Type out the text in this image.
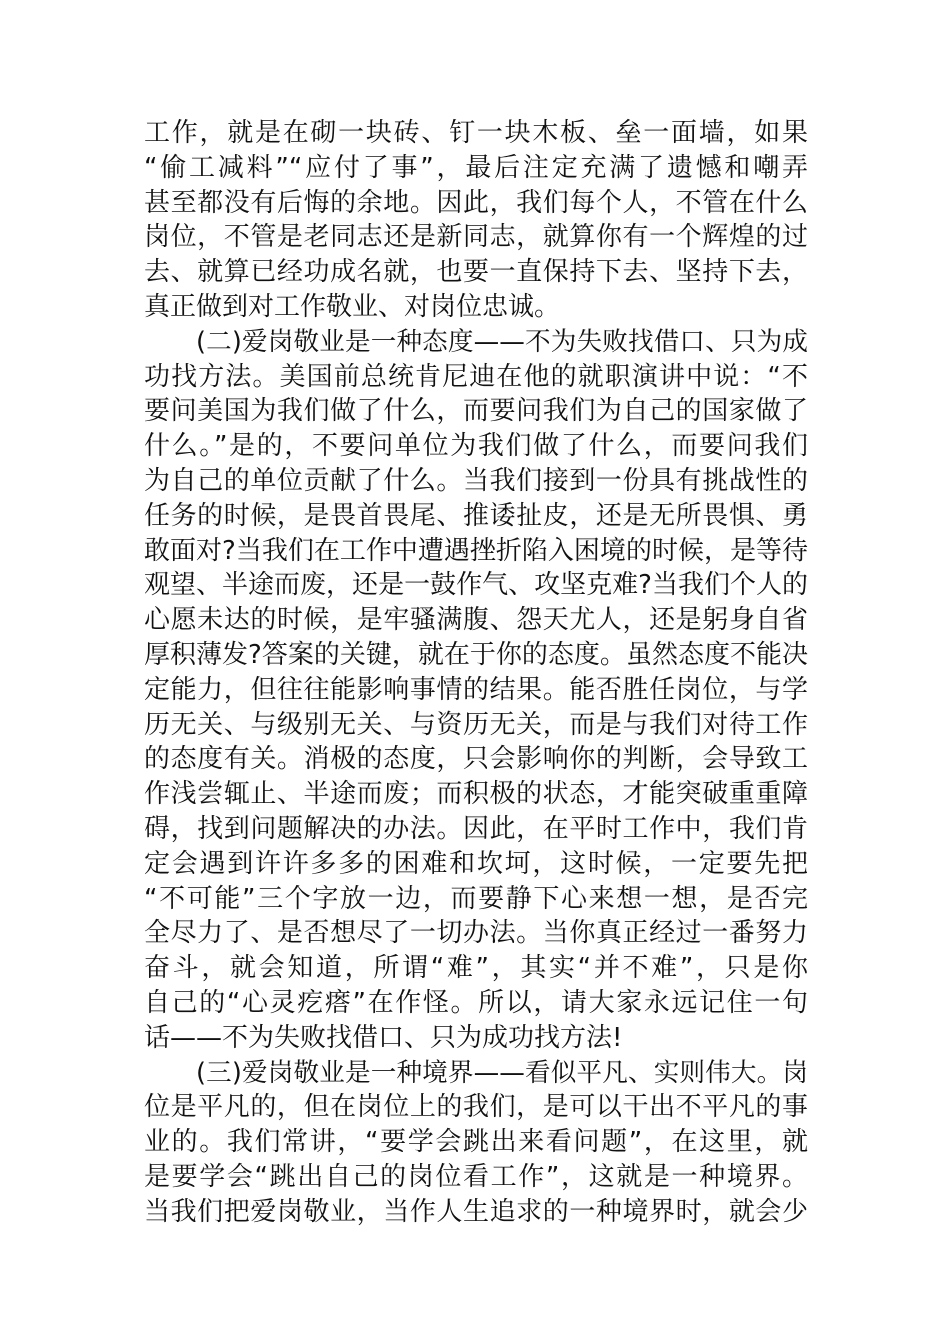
工作，就是在砌一块砖、钉一块木板、垒一面墙，如果
“偷工减料”“应付了事”，最后注定充满了遗憾和嘲弄
甚至都没有后悔的余地。因此，我们每个人，不管在什么
岗位，不管是老同志还是新同志，就算你有一个辉煌的过
去、就算已经功成名就，也要一直保持下去、坚持下去，
真正做到对工作敬业、对岗位忠诚。
(二)爱岗敬业是一种态度——不为失败找借口、只为成
功找方法。美国前总统肯尼迪在他的就职演讲中说：“不
要问美国为我们做了什么，而要问我们为自己的国家做了
什么。”是的，不要问单位为我们做了什么，而要问我们
为自己的单位贡献了什么。当我们接到一份具有挑战性的
任务的时候，是畏首畏尾、推诿扯皮，还是无所畏惧、勇
敢面对?当我们在工作中遭遇挫折陷入困境的时候，是等待
观望、半途而废，还是一鼓作气、攻坚克难?当我们个人的
心愿未达的时候，是牢骚满腹、怨天尤人，还是躬身自省
厚积薄发?答案的关键，就在于你的态度。虽然态度不能决
定能力，但往往能影响事情的结果。能否胜任岗位，与学
历无关、与级别无关、与资历无关，而是与我们对待工作
的态度有关。消极的态度，只会影响你的判断，会导致工
作浅尝辄止、半途而废；而积极的状态，才能突破重重障
碍，找到问题解决的办法。因此，在平时工作中，我们肯
定会遇到许许多多的困难和坎坷，这时候，一定要先把
“不可能”三个字放一边，而要静下心来想一想，是否完
全尽力了、是否想尽了一切办法。当你真正经过一番努力
奋斗，就会知道，所谓“难”，其实“并不难”，只是你
自己的“心灵疙瘩”在作怪。所以，请大家永远记住一句
话——不为失败找借口、只为成功找方法!
(三)爱岗敬业是一种境界——看似平凡、实则伟大。岗
位是平凡的，但在岗位上的我们，是可以干出不平凡的事
业的。我们常讲，“要学会跳出来看问题”，在这里，就
是要学会“跳出自己的岗位看工作”，这就是一种境界。
当我们把爱岗敬业，当作人生追求的一种境界时，就会少
